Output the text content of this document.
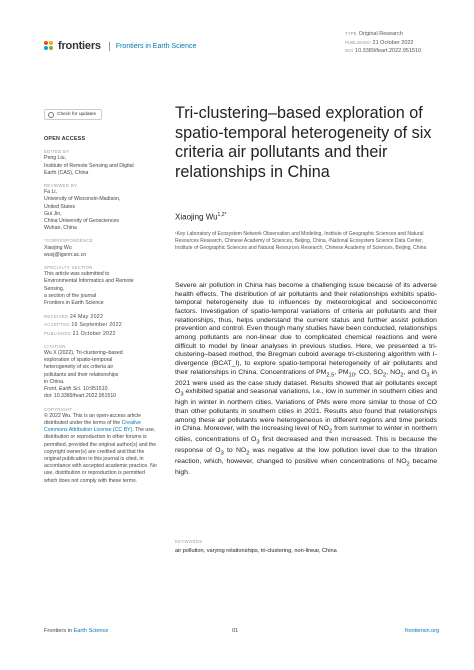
frontiers	Frontiers in Earth Science
TYPE Original Research
PUBLISHED 21 October 2022
DOI 10.3389/feart.2022.951510
Check for updates
OPEN ACCESS
EDITED BY
Peng Liu,
Institute of Remote Sensing and Digital
Earth (CAS), China
REVIEWED BY
Fa Li,
University of Wisconsin-Madison,
United States
Gui Jin,
China University of Geosciences
Wuhan, China
*CORRESPONDENCE
Xiaojing Wu
wuxj@igsnrr.ac.cn
SPECIALTY SECTION
This article was submitted to
Environmental Informatics and Remote
Sensing,
a section of the journal
Frontiers in Earth Science
RECEIVED 24 May 2022
ACCEPTED 16 September 2022
PUBLISHED 21 October 2022
CITATION
Wu X (2022), Tri-clustering–based
exploration of spatio-temporal
heterogeneity of six criteria air
pollutants and their relationships
in China.
Front. Earth Sci. 10:951510.
doi: 10.3389/feart.2022.951510
COPYRIGHT
© 2022 Wu. This is an open-access article distributed under the terms of the Creative Commons Attribution License (CC BY). The use, distribution or reproduction in other forums is permitted, provided the original author(s) and the copyright owner(s) are credited and that the original publication in this journal is cited, in accordance with accepted academic practice. No use, distribution or reproduction is permitted which does not comply with these terms.
Tri-clustering–based exploration of spatio-temporal heterogeneity of six criteria air pollutants and their relationships in China
Xiaojing $Wu^{1,2*}$
¹Key Laboratory of Ecosystem Network Observation and Modeling, Institute of Geographic Sciences and Natural Resources Research, Chinese Academy of Sciences, Beijing, China, ²National Ecosystem Science Data Center, Institute of Geographic Sciences and Natural Resources Research, Chinese Academy of Sciences, Beijing, China
Severe air pollution in China has become a challenging issue because of its adverse health effects. The distribution of air pollutants and their relationships exhibits spatio-temporal heterogeneity due to influences by meteorological and socioeconomic factors. Investigation of spatio-temporal variations of criteria air pollutants and their relationships, thus, helps understand the current status and further assist pollution prevention and control. Even though many studies have been conducted, relationships among pollutants are non-linear due to complicated chemical reactions and were difficult to model by linear analyses in previous studies. Here, we presented a tri-clustering–based method, the Bregman cuboid average tri-clustering algorithm with I-divergence (BCAT_I), to explore spatio-temporal heterogeneity of air pollutants and their relationships in China. Concentrations of $PM_{2.5}$, $PM_{10}$, CO, $SO_2$, $NO_2$, and $O_3$ in 2021 were used as the case study dataset. Results showed that air pollutants except $O_3$ exhibited spatial and seasonal variations, i.e., low in summer in southern cities and high in winter in northern cities. Variations of PMs were more similar to those of CO than other pollutants in southern cities in 2021. Results also found that relationships among these air pollutants were heterogeneous in different regions and time periods in China. Moreover, with the increasing level of $NO_2$ from summer to winter in northern cities, concentrations of $O_3$ first decreased and then increased. This is because the response of $O_3$ to $NO_2$ was negative at the low pollution level due to the titration reaction, which, however, changed to positive when concentrations of $NO_2$ became high.
KEYWORDS
air pollution, varying relationships, tri-clustering, non-linear, China
Frontiers in Earth Science	01	frontiersin.org
